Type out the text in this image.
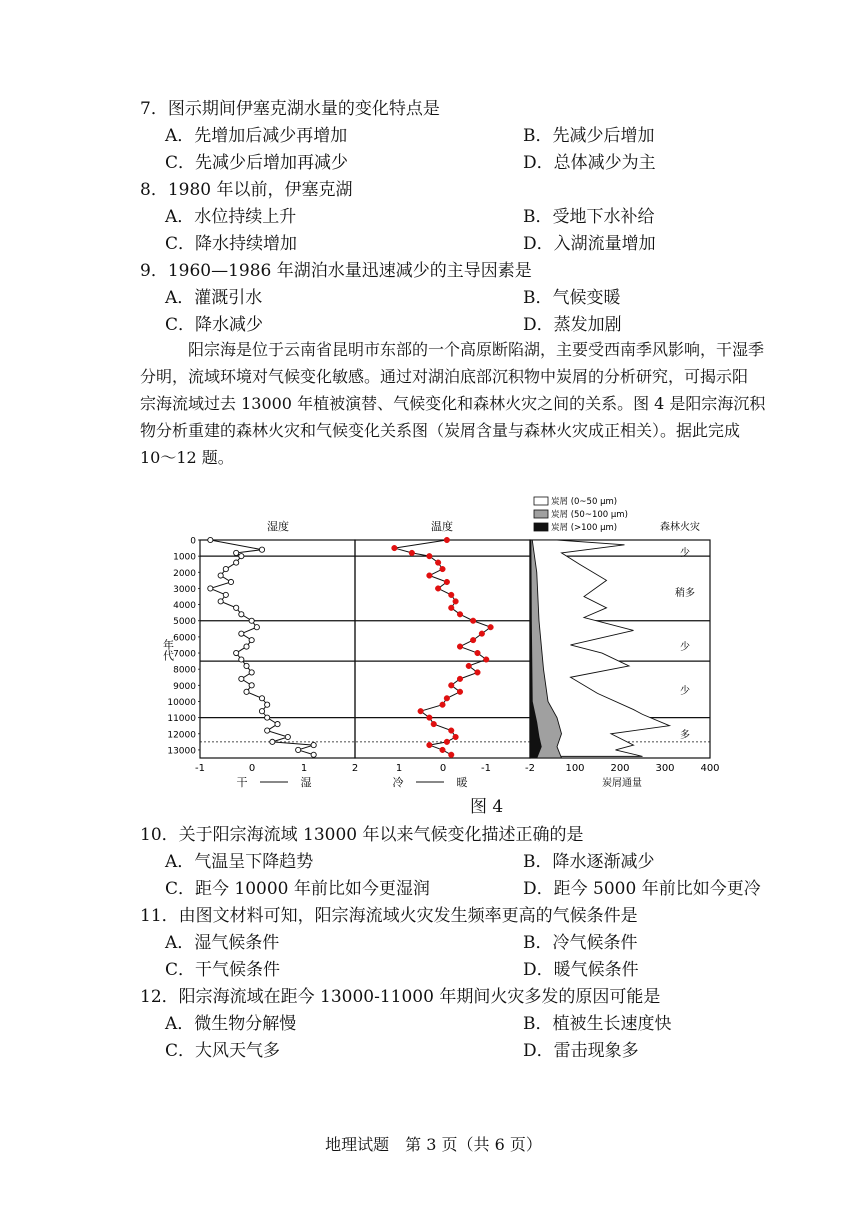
7．图示期间伊塞克湖水量的变化特点是
A．先增加后减少再增加	B．先减少后增加
C．先减少后增加再减少	D．总体减少为主
8．1980 年以前，伊塞克湖
A．水位持续上升	B．受地下水补给
C．降水持续增加	D．入湖流量增加
9．1960—1986 年湖泊水量迅速减少的主导因素是
A．灌溉引水	B．气候变暖
C．降水减少	D．蒸发加剧

阳宗海是位于云南省昆明市东部的一个高原断陷湖，主要受西南季风影响，干湿季

分明，流域环境对气候变化敏感。通过对湖泊底部沉积物中炭屑的分析研究，可揭示阳

宗海流域过去 13000 年植被演替、气候变化和森林火灾之间的关系。图 4 是阳宗海沉积

物分析重建的森林火灾和气候变化关系图（炭屑含量与森林火灾成正相关）。据此完成

10～12 题。

湿度	温度	森林火灾
炭屑 (0~50 μm)
炭屑 (50~100 μm)
炭屑 (>100 μm)
年代
0
1000
2000
3000
4000
5000
6000
7000
8000
9000
10000
11000
12000
13000
少
稍多
少
少
多
-1	0	1	2	1	0	-1	-2	100	200	300	400
干	湿	冷	暖	炭屑通量
图 4
10．关于阳宗海流域 13000 年以来气候变化描述正确的是
A．气温呈下降趋势	B．降水逐渐减少
C．距今 10000 年前比如今更湿润	D．距今 5000 年前比如今更冷
11．由图文材料可知，阳宗海流域火灾发生频率更高的气候条件是
A．湿气候条件	B．冷气候条件
C．干气候条件	D．暖气候条件
12．阳宗海流域在距今 13000-11000 年期间火灾多发的原因可能是
A．微生物分解慢	B．植被生长速度快
C．大风天气多	D．雷击现象多
地理试题　第 3 页（共 6 页）
